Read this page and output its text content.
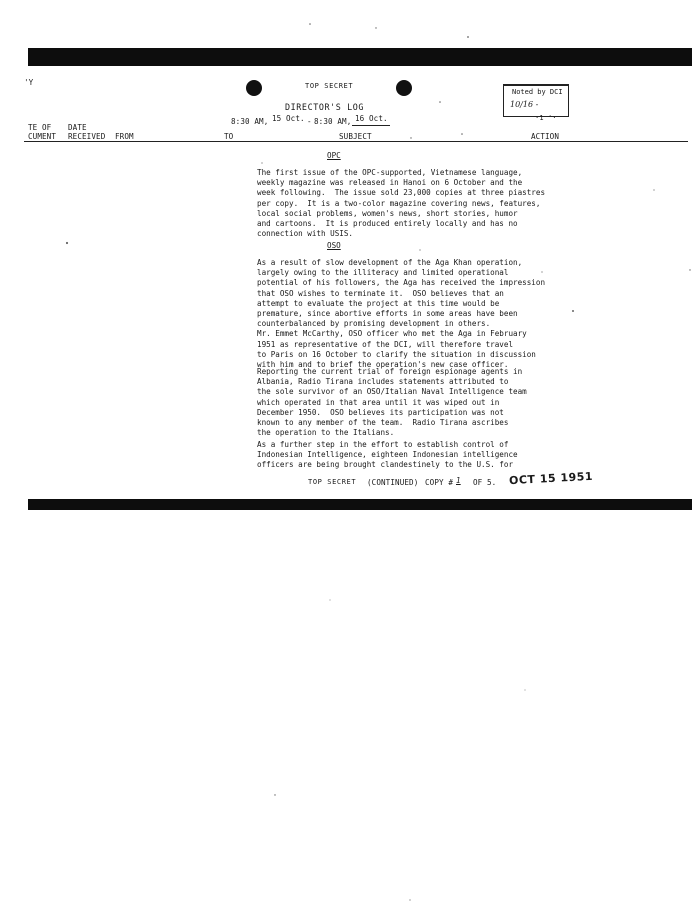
'Y	TOP SECRET
DIRECTOR'S LOG
8:30 AM, 15 Oct. - 8:30 AM, 16 Oct.
Noted by DCI
10/16 -
·1 '·
TE OF
CUMENT
DATE
RECEIVED FROM	TO	SUBJECT	ACTION
OPC
The first issue of the OPC-supported, Vietnamese language,
weekly magazine was released in Hanoi on 6 October and the
week following.  The issue sold 23,000 copies at three piastres
per copy.  It is a two-color magazine covering news, features,
local social problems, women's news, short stories, humor
and cartoons.  It is produced entirely locally and has no
connection with USIS.
OSO
As a result of slow development of the Aga Khan operation,
largely owing to the illiteracy and limited operational
potential of his followers, the Aga has received the impression
that OSO wishes to terminate it.  OSO believes that an
attempt to evaluate the project at this time would be
premature, since abortive efforts in some areas have been
counterbalanced by promising development in others.
Mr. Emmet McCarthy, OSO officer who met the Aga in February
1951 as representative of the DCI, will therefore travel
to Paris on 16 October to clarify the situation in discussion
with him and to brief the operation's new case officer.
Reporting the current trial of foreign espionage agents in
Albania, Radio Tirana includes statements attributed to
the sole survivor of an OSO/Italian Naval Intelligence team
which operated in that area until it was wiped out in
December 1950.  OSO believes its participation was not
known to any member of the team.  Radio Tirana ascribes
the operation to the Italians.
As a further step in the effort to establish control of
Indonesian Intelligence, eighteen Indonesian intelligence
officers are being brought clandestinely to the U.S. for
TOP SECRET (CONTINUED) COPY # 1 OF 5. OCT 15 1951
